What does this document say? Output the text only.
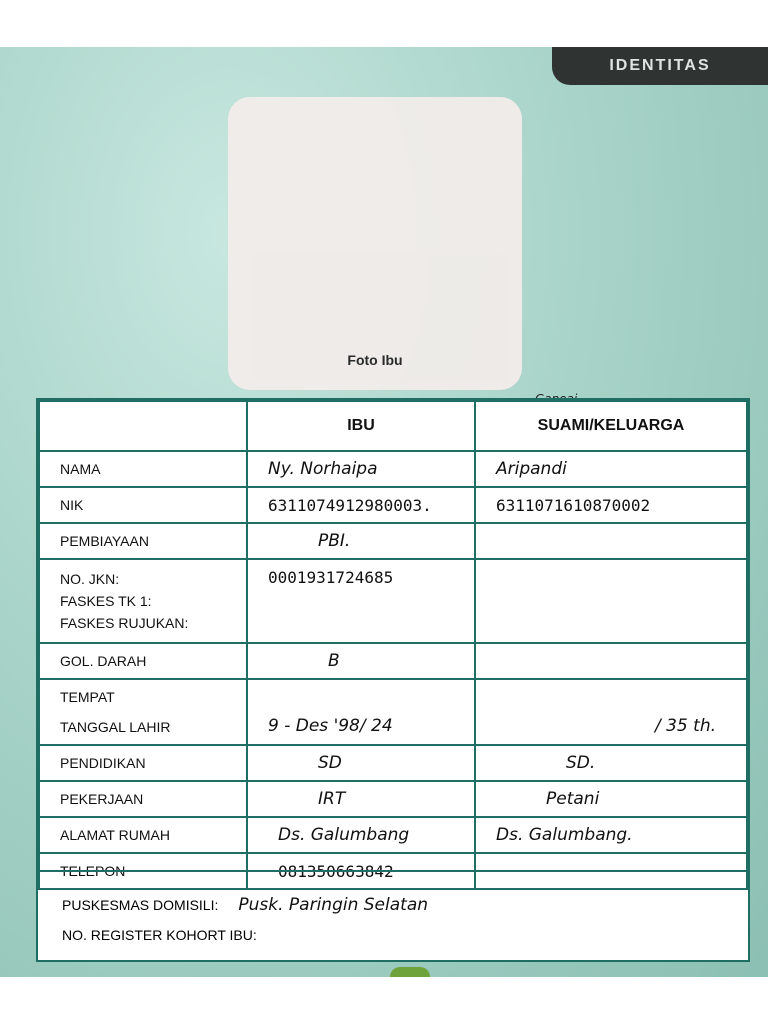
IDENTITAS
Foto Ibu
	IBU	SUAMI/KELUARGA
NAMA	Ny. Norhaipa	Aripandi
NIK	6311074912980003.	6311071610870002
PEMBIAYAAN	PBI.	

NO. JKN:
FASKES TK 1:
FASKES RUJUKAN:	0001931724685	
GOL. DARAH	B	

TEMPAT
TANGGAL LAHIR	9 - Des '98/ 24	/ 35 th.
PENDIDIKAN	SD	SD.
PEKERJAAN	IRT	Petani
ALAMAT RUMAH	Ds. Galumbang	Ds. Galumbang.
TELEPON	081350663842	
PUSKESMAS DOMISILI: Pusk. Paringin Selatan
NO. REGISTER KOHORT IBU:
